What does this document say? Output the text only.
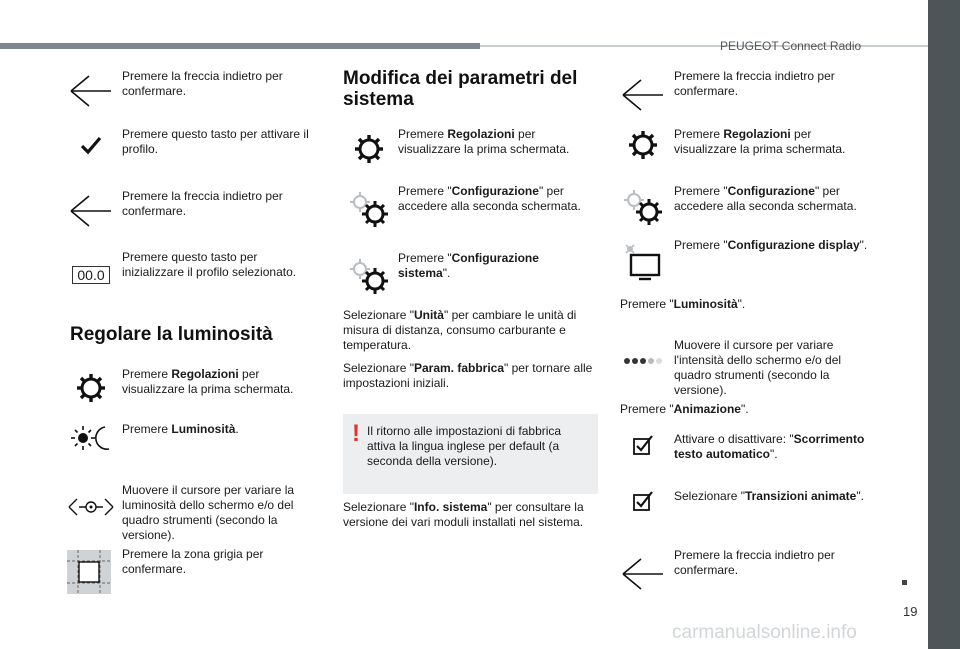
PEUGEOT Connect Radio
19
carmanualsonline.info
Premere la freccia indietro per confermare.
Premere questo tasto per attivare il profilo.
Premere la freccia indietro per confermare.
00.0
Premere questo tasto per inizializzare il profilo selezionato.
Regolare la luminosità
Premere Regolazioni per visualizzare la prima schermata.
Premere Luminosità.
Muovere il cursore per variare la luminosità dello schermo e/o del quadro strumenti (secondo la versione).
Premere la zona grigia per confermare.
Modifica dei parametri del sistema
Premere Regolazioni per visualizzare la prima schermata.
Premere "Configurazione" per accedere alla seconda schermata.
Premere "Configurazione sistema".
Selezionare "Unità" per cambiare le unità di misura di distanza, consumo carburante e temperatura.
Selezionare "Param. fabbrica" per tornare alle impostazioni iniziali.
! Il ritorno alle impostazioni di fabbrica attiva la lingua inglese per default (a seconda della versione).
Selezionare "Info. sistema" per consultare la versione dei vari moduli installati nel sistema.
Premere la freccia indietro per confermare.
Premere Regolazioni per visualizzare la prima schermata.
Premere "Configurazione" per accedere alla seconda schermata.
Premere "Configurazione display".
Premere "Luminosità".
Muovere il cursore per variare l'intensità dello schermo e/o del quadro strumenti (secondo la versione).
Premere "Animazione".
Attivare o disattivare: "Scorrimento testo automatico".
Selezionare "Transizioni animate".
Premere la freccia indietro per confermare.
